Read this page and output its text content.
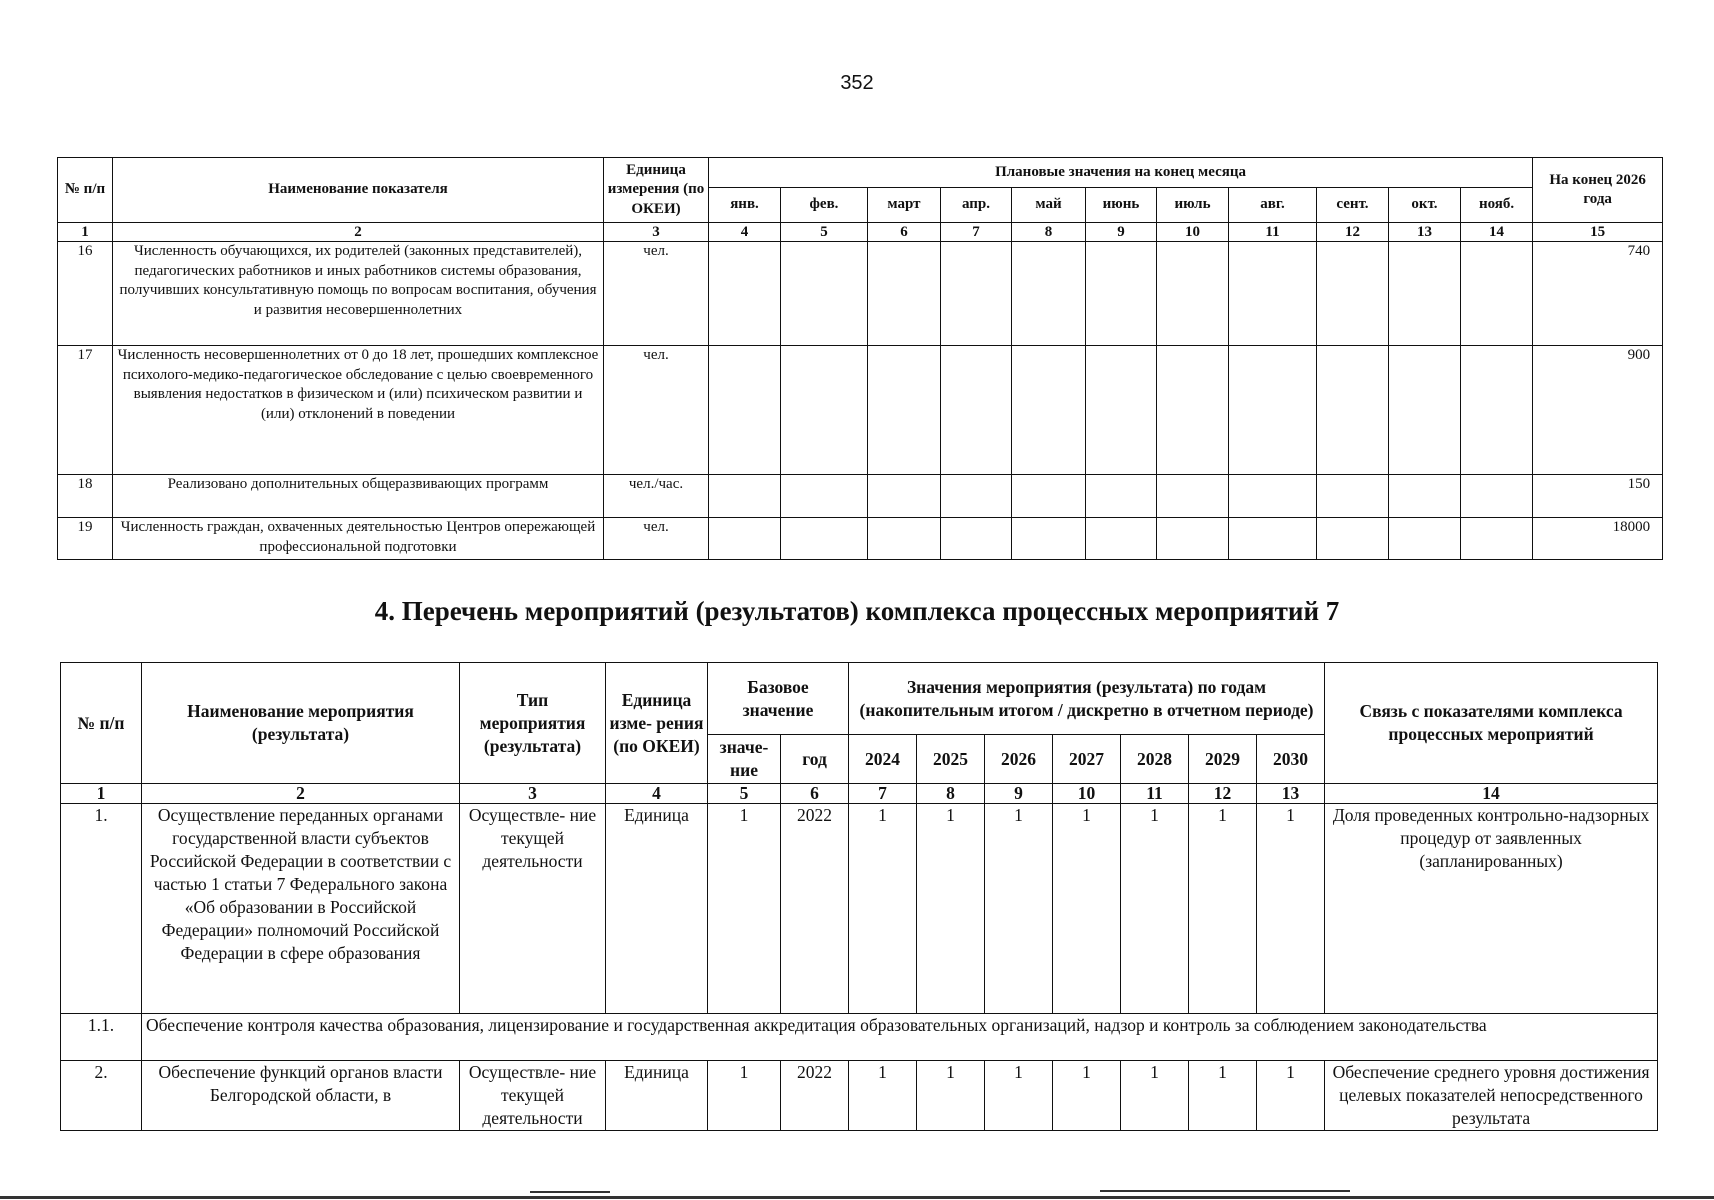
352
№ п/п	Наименование показателя	Единица измерения (по ОКЕИ)	Плановые значения на конец месяца											На конец 2026 года
			янв.	фев.	март	апр.	май	июнь	июль	авг.	сент.	окт.	нояб.	
1	2	3	4	5	6	7	8	9	10	11	12	13	14	15
16	Численность обучающихся, их родителей (законных представителей), педагогических работников и иных работников системы образования, получивших консультативную помощь по вопросам воспитания, обучения и развития несовершеннолетних	чел.												740
17	Численность несовершеннолетних от 0 до 18 лет, прошедших комплексное психолого-медико-педагогическое обследование с целью своевременного выявления недостатков в физическом и (или) психическом развитии и (или) отклонений в поведении	чел.												900
18	Реализовано дополнительных общеразвивающих программ	чел./час.												150
19	Численность граждан, охваченных деятельностью Центров опережающей профессиональной подготовки	чел.												18000
4. Перечень мероприятий (результатов) комплекса процессных мероприятий 7
№ п/п	Наименование мероприятия (результата)	Тип мероприятия (результата)	Единица изме- рения (по ОКЕИ)	Базовое значение		Значения мероприятия (результата) по годам (накопительным итогом / дискретно в отчетном периоде)							Связь с показателями комплекса процессных мероприятий
				значе- ние	год	2024	2025	2026	2027	2028	2029	2030	
1	2	3	4	5	6	7	8	9	10	11	12	13	14
1.	Осуществление переданных органами государственной власти субъектов Российской Федерации в соответствии с частью 1 статьи 7 Федерального закона «Об образовании в Российской Федерации» полномочий Российской Федерации в сфере образования	Осуществле- ние текущей деятельности	Единица	1	2022	1	1	1	1	1	1	1	Доля проведенных контрольно-надзорных процедур от заявленных (запланированных)
1.1.	Обеспечение контроля качества образования, лицензирование и государственная аккредитация образовательных организаций, надзор и контроль за соблюдением законодательства												
2.	Обеспечение функций органов власти Белгородской области, в	Осуществле- ние текущей деятельности	Единица	1	2022	1	1	1	1	1	1	1	Обеспечение среднего уровня достижения целевых показателей непосредственного результата
